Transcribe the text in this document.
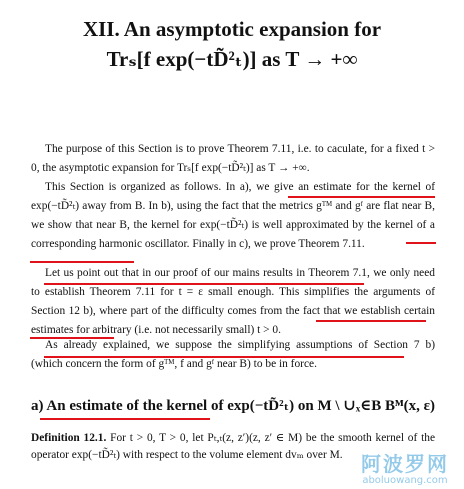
XII. An asymptotic expansion for
Trₛ[f exp(−tD̃²ₜ)] as T → +∞
The purpose of this Section is to prove Theorem 7.11, i.e. to caculate, for a fixed t > 0, the asymptotic expansion for Trₛ[f exp(−tD̃²ₜ)] as T → +∞.
This Section is organized as follows. In a), we give an estimate for the kernel of exp(−tD̃²ₜ) away from B. In b), using the fact that the metrics gᵀᴹ and gᶠ are flat near B, we show that near B, the kernel for exp(−tD̃²ₜ) is well approximated by the kernel of a corresponding harmonic oscillator. Finally in c), we prove Theorem 7.11.
Let us point out that in our proof of our mains results in Theorem 7.1, we only need to establish Theorem 7.11 for t = ε small enough. This simplifies the arguments of Section 12 b), where part of the difficulty comes from the fact that we establish certain estimates for arbitrary (i.e. not necessarily small) t > 0.
As already explained, we suppose the simplifying assumptions of Section 7 b) (which concern the form of gᵀᴹ, f and gᶠ near B) to be in force.
a) An estimate of the kernel of exp(−tD̃²ₜ) on M \ ∪ₓ∈B Bᴹ(x, ε)
Definition 12.1. For t > 0, T > 0, let Pₜ,ₜ(z, z′)(z, z′ ∈ M) be the smooth kernel of the operator exp(−tD̃²ₜ) with respect to the volume element dvₘ over M. 阿波罗网
aboluowang.com
